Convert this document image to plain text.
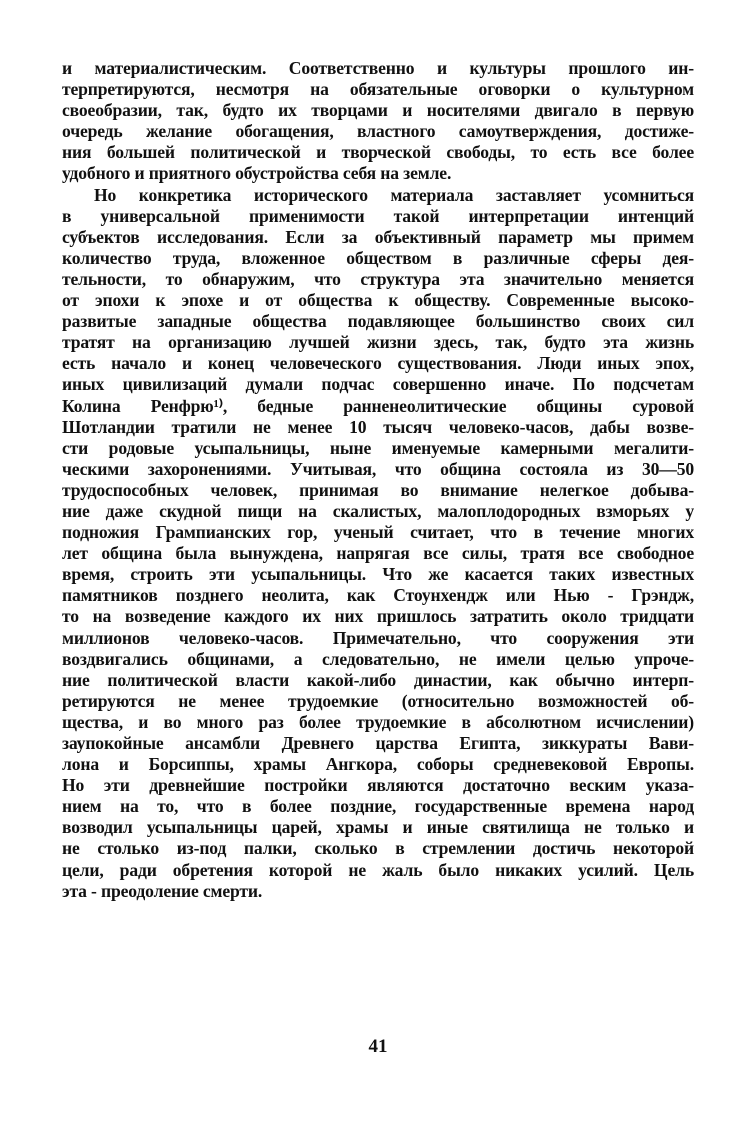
и материалистическим. Соответственно и культуры прошлого ин-
терпретируются, несмотря на обязательные оговорки о культурном
своеобразии, так, будто их творцами и носителями двигало в первую
очередь желание обогащения, властного самоутверждения, достиже-
ния большей политической и творческой свободы, то есть все более
удобного и приятного обустройства себя на земле.
Но конкретика исторического материала заставляет усомниться
в универсальной применимости такой интерпретации интенций
субъектов исследования. Если за объективный параметр мы примем
количество труда, вложенное обществом в различные сферы дея-
тельности, то обнаружим, что структура эта значительно меняется
от эпохи к эпохе и от общества к обществу. Современные высоко-
развитые западные общества подавляющее большинство своих сил
тратят на организацию лучшей жизни здесь, так, будто эта жизнь
есть начало и конец человеческого существования. Люди иных эпох,
иных цивилизаций думали подчас совершенно иначе. По подсчетам
Колина Ренфрю¹⁾, бедные ранненеолитические общины суровой
Шотландии тратили не менее 10 тысяч человеко-часов, дабы возве-
сти родовые усыпальницы, ныне именуемые камерными мегалити-
ческими захоронениями. Учитывая, что община состояла из 30—50
трудоспособных человек, принимая во внимание нелегкое добыва-
ние даже скудной пищи на скалистых, малоплодородных взморьях у
подножия Грампианских гор, ученый считает, что в течение многих
лет община была вынуждена, напрягая все силы, тратя все свободное
время, строить эти усыпальницы. Что же касается таких известных
памятников позднего неолита, как Стоунхендж или Нью - Грэндж,
то на возведение каждого их них пришлось затратить около тридцати
миллионов человеко-часов. Примечательно, что сооружения эти
воздвигались общинами, а следовательно, не имели целью упроче-
ние политической власти какой-либо династии, как обычно интерп-
ретируются не менее трудоемкие (относительно возможностей об-
щества, и во много раз более трудоемкие в абсолютном исчислении)
заупокойные ансамбли Древнего царства Египта, зиккураты Вави-
лона и Борсиппы, храмы Ангкора, соборы средневековой Европы.
Но эти древнейшие постройки являются достаточно веским указа-
нием на то, что в более поздние, государственные времена народ
возводил усыпальницы царей, храмы и иные святилища не только и
не столько из-под палки, сколько в стремлении достичь некоторой
цели, ради обретения которой не жаль было никаких усилий. Цель
эта - преодоление смерти.
41
